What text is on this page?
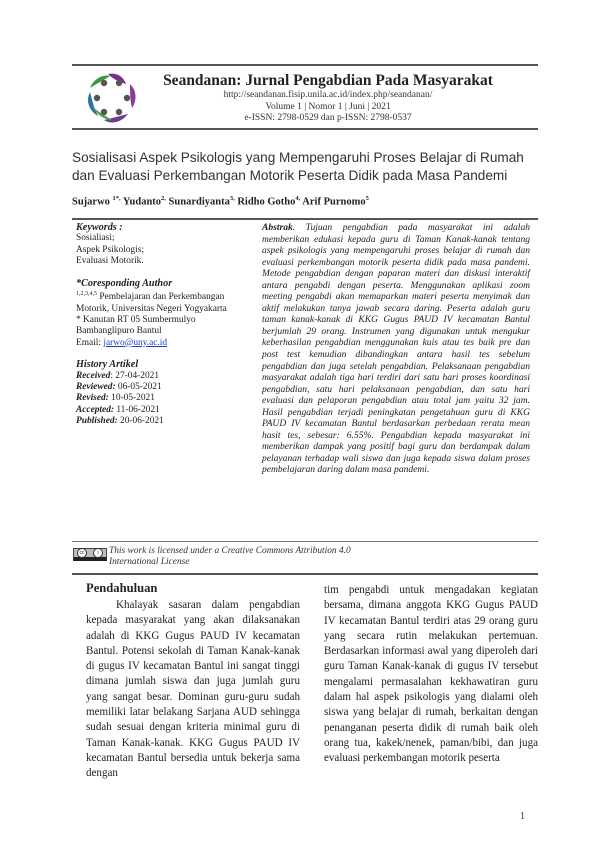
Seandanan: Jurnal Pengabdian Pada Masyarakat
http://seandanan.fisip.unila.ac.id/index.php/seandanan/
Volume 1 | Nomor 1 | Juni | 2021
e-ISSN: 2798-0529 dan p-ISSN: 2798-0537
Sosialisasi Aspek Psikologis yang Mempengaruhi Proses Belajar di Rumah
dan Evaluasi Perkembangan Motorik Peserta Didik pada Masa Pandemi
Sujarwo $^{1*,}$ Yudanto$^{2,}$ Sunardiyanta$^{3,}$ Ridho Gotho$^{4,}$ Arif Purnomo$^5$
Keywords :
Sosialiasi;
Aspek Psikologis;
Evaluasi Motorik.
*Coresponding Author
$^{1,2,3,4,5}$ Pembelajaran dan Perkembangan Motorik, Universitas Negeri Yogyakarta
* Kanutan RT 05 Sumbermulyo
Bambanglipuro Bantul
Email: jarwo@uny.ac.id
History Artikel
Received: 27-04-2021
Reviewed: 06-05-2021
Revised: 10-05-2021
Accepted: 11-06-2021
Published: 20-06-2021
Abstrak. Tujuan pengabdian pada masyarakat ini adalah memberikan edukasi kepada guru di Taman Kanak-kanak tentang aspek psikologis yang mempengaruhi proses belajar di rumah dan evaluasi perkembangan motorik peserta didik pada masa pandemi. Metode pengabdian dengan paparan materi dan diskusi interaktif antara pengabdi dengan peserta. Menggunakan aplikasi zoom meeting pengabdi akan memaparkan materi peserta menyimak dan aktif melakukan tanya jawab secara daring. Peserta adalah guru taman kanak-kanak di KKG Gugus PAUD IV kecamatan Bantul berjumlah 29 orang. Instrumen yang digunakan untuk mengukur keberhasilan pengabdian menggunakan kuis atau tes baik pre dan post test kemudian dibandingkan antara hasil tes sebelum pengabdian dan juga setelah pengabdian. Pelaksanaan pengabdian masyarakat adalah tiga hari terdiri dari satu hari proses koordinasi pengabdian, satu hari pelaksanaan pengabdian, dan satu hari evaluasi dan pelaporan pengabdian atau total jam yaitu 32 jam. Hasil pengabdian terjadi peningkatan pengetahuan guru di KKG PAUD IV kecamatan Bantul berdasarkan perbedaan rerata mean hasit tes, sebesar: 6.55%. Pengabdian kepada masyarakat ini memberikan dampak yang positif bagi guru dan berdampak dalam pelayanan terhadap wali siswa dan juga kepada siswa dalam proses pembelajaran daring dalam masa pandemi.
cc	i	This work is licensed under a Creative Commons Attribution 4.0 International License
Pendahuluan
Khalayak sasaran dalam pengabdian kepada masyarakat yang akan dilaksanakan adalah di KKG Gugus PAUD IV kecamatan Bantul. Potensi sekolah di Taman Kanak-kanak di gugus IV kecamatan Bantul ini sangat tinggi dimana jumlah siswa dan juga jumlah guru yang sangat besar. Dominan guru-guru sudah memiliki latar belakang Sarjana AUD sehingga sudah sesuai dengan kriteria minimal guru di Taman Kanak-kanak. KKG Gugus PAUD IV kecamatan Bantul bersedia untuk bekerja sama dengan
tim pengabdi untuk mengadakan kegiatan bersama, dimana anggota KKG Gugus PAUD IV kecamatan Bantul terdiri atas 29 orang guru yang secara rutin melakukan pertemuan. Berdasarkan informasi awal yang diperoleh dari guru Taman Kanak-kanak di gugus IV tersebut mengalami permasalahan kekhawatiran guru dalam hal aspek psikologis yang dialami oleh siswa yang belajar di rumah, berkaitan dengan penanganan peserta didik di rumah baik oleh orang tua, kakek/nenek, paman/bibi, dan juga evaluasi perkembangan motorik peserta
1
